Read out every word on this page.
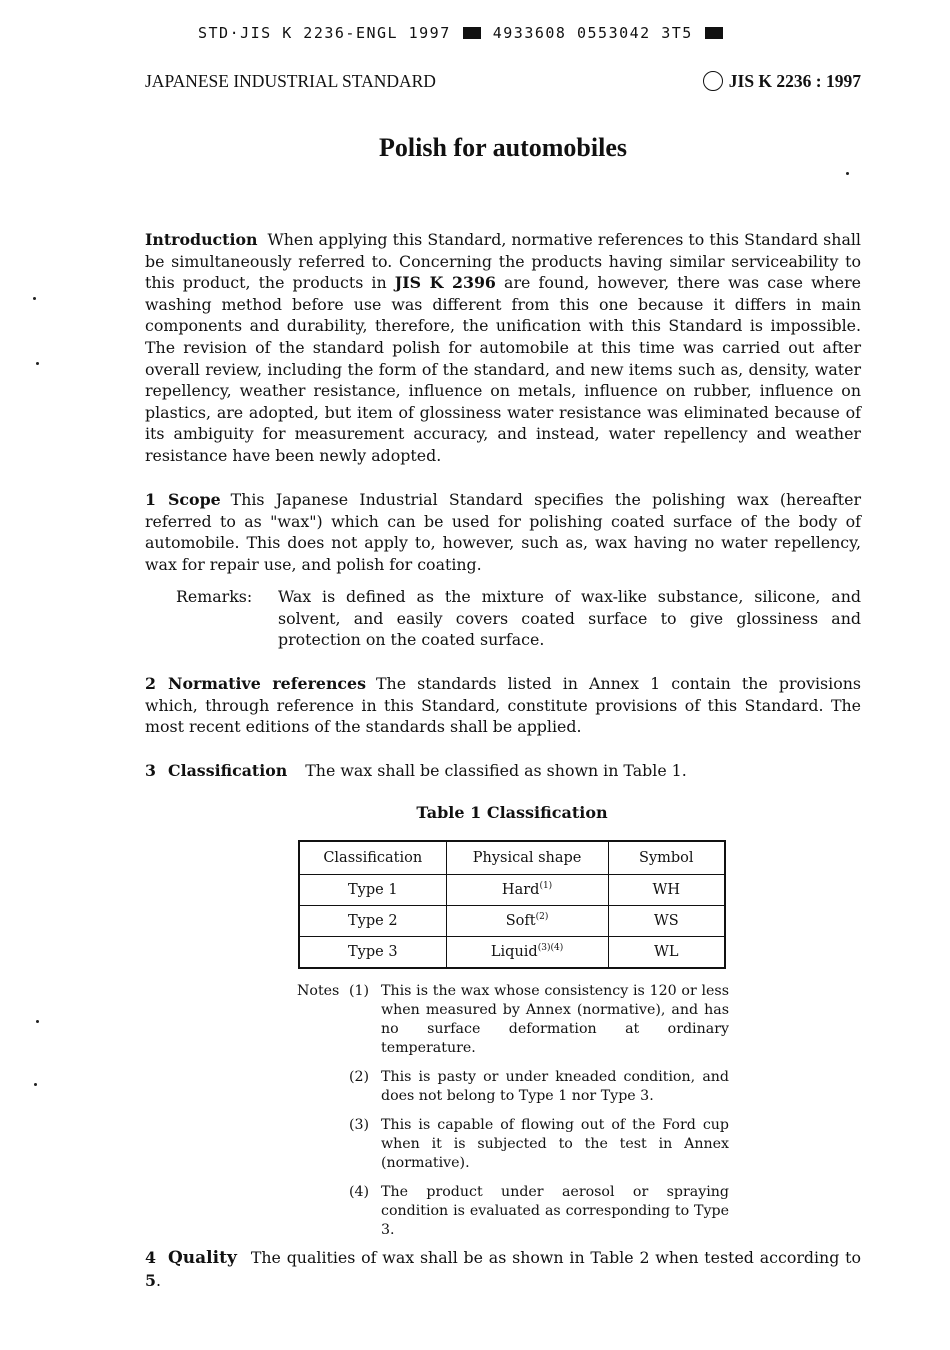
STD·JIS K 2236-ENGL 1997	4933608 0553042 3T5
JAPANESE INDUSTRIAL STANDARD	JIS K 2236 : 1997
Polish for automobiles

Introduction When applying this Standard, normative references to this Standard shall be simultaneously referred to. Concerning the products having similar serviceability to this product, the products in JIS K 2396 are found, however, there was case where washing method before use was different from this one because it differs in main components and durability, therefore, the unification with this Standard is impossible. The revision of the standard polish for automobile at this time was carried out after overall review, including the form of the standard, and new items such as, density, water repellency, weather resistance, influence on metals, influence on rubber, influence on plastics, are adopted, but item of glossiness water resistance was eliminated because of its ambiguity for measurement accuracy, and instead, water repellency and weather resistance have been newly adopted.

1 Scope This Japanese Industrial Standard specifies the polishing wax (hereafter referred to as "wax") which can be used for polishing coated surface of the body of automobile. This does not apply to, however, such as, wax having no water repellency, wax for repair use, and polish for coating.

Remarks:	Wax is defined as the mixture of wax-like substance, silicone, and solvent, and easily covers coated surface to give glossiness and protection on the coated surface.

2 Normative references The standards listed in Annex 1 contain the provisions which, through reference in this Standard, constitute provisions of this Standard. The most recent editions of the standards shall be applied.

3 Classification The wax shall be classified as shown in Table 1.

Table 1 Classification
Classification	Physical shape	Symbol
Type 1	Hard$^{(1)}$	WH
Type 2	Soft$^{(2)}$	WS
Type 3	Liquid$^{(3)(4)}$	WL
Notes (1) This is the wax whose consistency is 120 or less when measured by Annex (normative), and has no surface deformation at ordinary temperature.
(2) This is pasty or under kneaded condition, and does not belong to Type 1 nor Type 3.
(3) This is capable of flowing out of the Ford cup when it is subjected to the test in Annex (normative).
(4) The product under aerosol or spraying condition is evaluated as corresponding to Type 3.

4 Quality The qualities of wax shall be as shown in Table 2 when tested according to 5.
